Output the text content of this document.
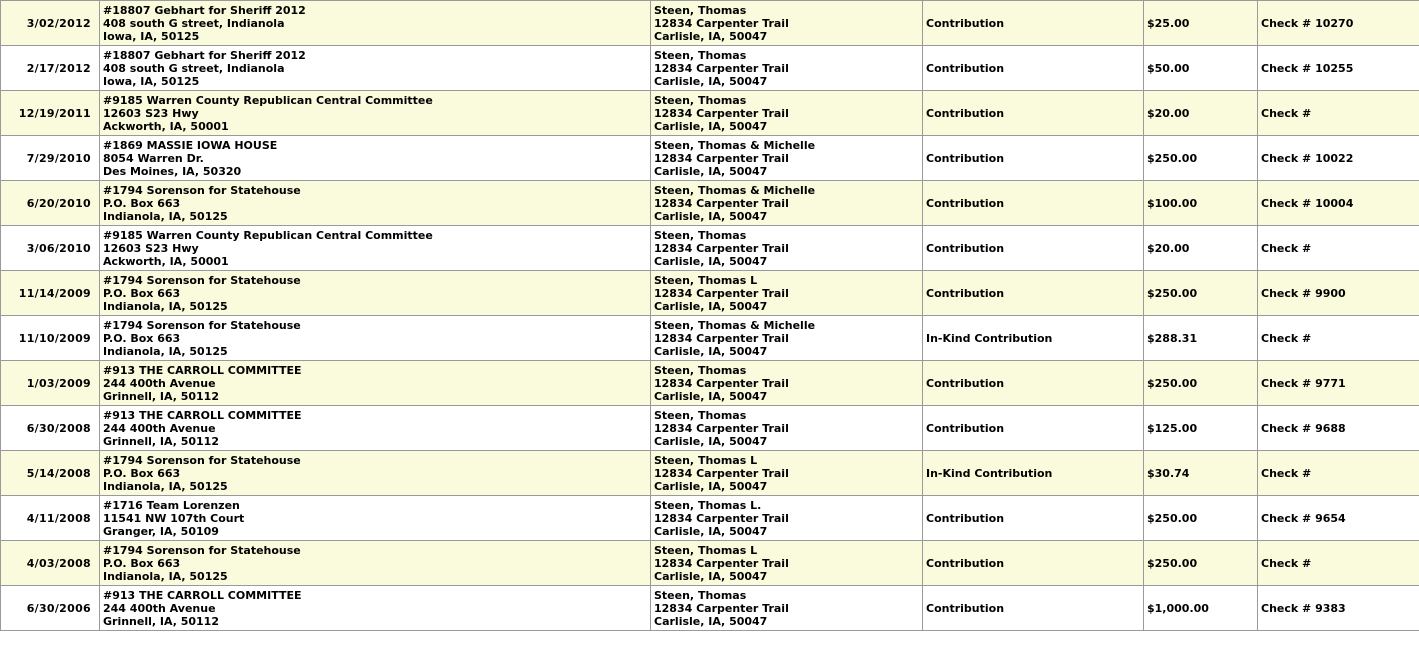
3/02/2012	#18807 Gebhart for Sheriff 2012
408 south G street, Indianola
Iowa, IA, 50125	Steen, Thomas
12834 Carpenter Trail
Carlisle, IA, 50047	Contribution	$25.00	Check # 10270
2/17/2012	#18807 Gebhart for Sheriff 2012
408 south G street, Indianola
Iowa, IA, 50125	Steen, Thomas
12834 Carpenter Trail
Carlisle, IA, 50047	Contribution	$50.00	Check # 10255
12/19/2011	#9185 Warren County Republican Central Committee
12603 S23 Hwy
Ackworth, IA, 50001	Steen, Thomas
12834 Carpenter Trail
Carlisle, IA, 50047	Contribution	$20.00	Check #
7/29/2010	#1869 MASSIE IOWA HOUSE
8054 Warren Dr.
Des Moines, IA, 50320	Steen, Thomas & Michelle
12834 Carpenter Trail
Carlisle, IA, 50047	Contribution	$250.00	Check # 10022
6/20/2010	#1794 Sorenson for Statehouse
P.O. Box 663
Indianola, IA, 50125	Steen, Thomas & Michelle
12834 Carpenter Trail
Carlisle, IA, 50047	Contribution	$100.00	Check # 10004
3/06/2010	#9185 Warren County Republican Central Committee
12603 S23 Hwy
Ackworth, IA, 50001	Steen, Thomas
12834 Carpenter Trail
Carlisle, IA, 50047	Contribution	$20.00	Check #
11/14/2009	#1794 Sorenson for Statehouse
P.O. Box 663
Indianola, IA, 50125	Steen, Thomas L
12834 Carpenter Trail
Carlisle, IA, 50047	Contribution	$250.00	Check # 9900
11/10/2009	#1794 Sorenson for Statehouse
P.O. Box 663
Indianola, IA, 50125	Steen, Thomas & Michelle
12834 Carpenter Trail
Carlisle, IA, 50047	In-Kind Contribution	$288.31	Check #
1/03/2009	#913 THE CARROLL COMMITTEE
244 400th Avenue
Grinnell, IA, 50112	Steen, Thomas
12834 Carpenter Trail
Carlisle, IA, 50047	Contribution	$250.00	Check # 9771
6/30/2008	#913 THE CARROLL COMMITTEE
244 400th Avenue
Grinnell, IA, 50112	Steen, Thomas
12834 Carpenter Trail
Carlisle, IA, 50047	Contribution	$125.00	Check # 9688
5/14/2008	#1794 Sorenson for Statehouse
P.O. Box 663
Indianola, IA, 50125	Steen, Thomas L
12834 Carpenter Trail
Carlisle, IA, 50047	In-Kind Contribution	$30.74	Check #
4/11/2008	#1716 Team Lorenzen
11541 NW 107th Court
Granger, IA, 50109	Steen, Thomas L.
12834 Carpenter Trail
Carlisle, IA, 50047	Contribution	$250.00	Check # 9654
4/03/2008	#1794 Sorenson for Statehouse
P.O. Box 663
Indianola, IA, 50125	Steen, Thomas L
12834 Carpenter Trail
Carlisle, IA, 50047	Contribution	$250.00	Check #
6/30/2006	#913 THE CARROLL COMMITTEE
244 400th Avenue
Grinnell, IA, 50112	Steen, Thomas
12834 Carpenter Trail
Carlisle, IA, 50047	Contribution	$1,000.00	Check # 9383
